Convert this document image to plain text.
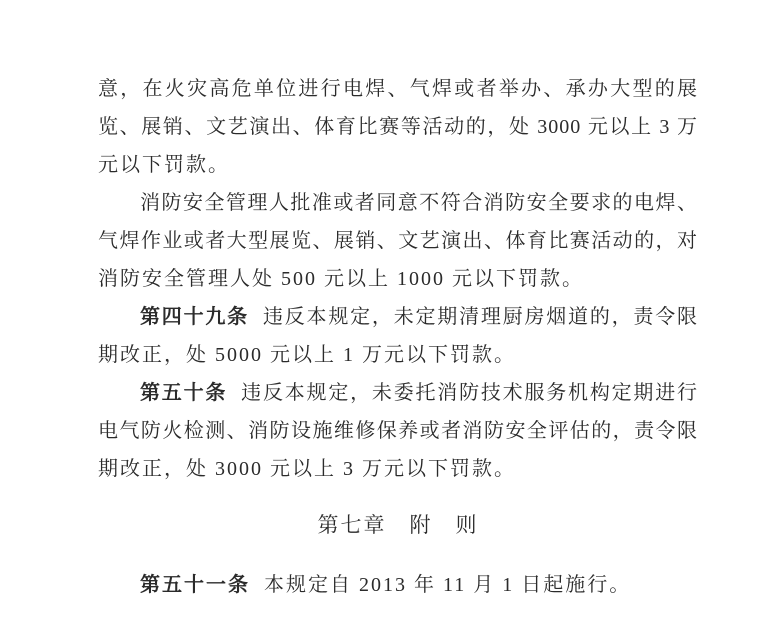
意，在火灾高危单位进行电焊、气焊或者举办、承办大型的展
览、展销、文艺演出、体育比赛等活动的，处 3000 元以上 3 万
元以下罚款。
消防安全管理人批准或者同意不符合消防安全要求的电焊、
气焊作业或者大型展览、展销、文艺演出、体育比赛活动的，对
消防安全管理人处 500 元以上 1000 元以下罚款。
第四十九条 违反本规定，未定期清理厨房烟道的，责令限
期改正，处 5000 元以上 1 万元以下罚款。
第五十条 违反本规定，未委托消防技术服务机构定期进行
电气防火检测、消防设施维修保养或者消防安全评估的，责令限
期改正，处 3000 元以上 3 万元以下罚款。
第七章　附　则
第五十一条 本规定自 2013 年 11 月 1 日起施行。
